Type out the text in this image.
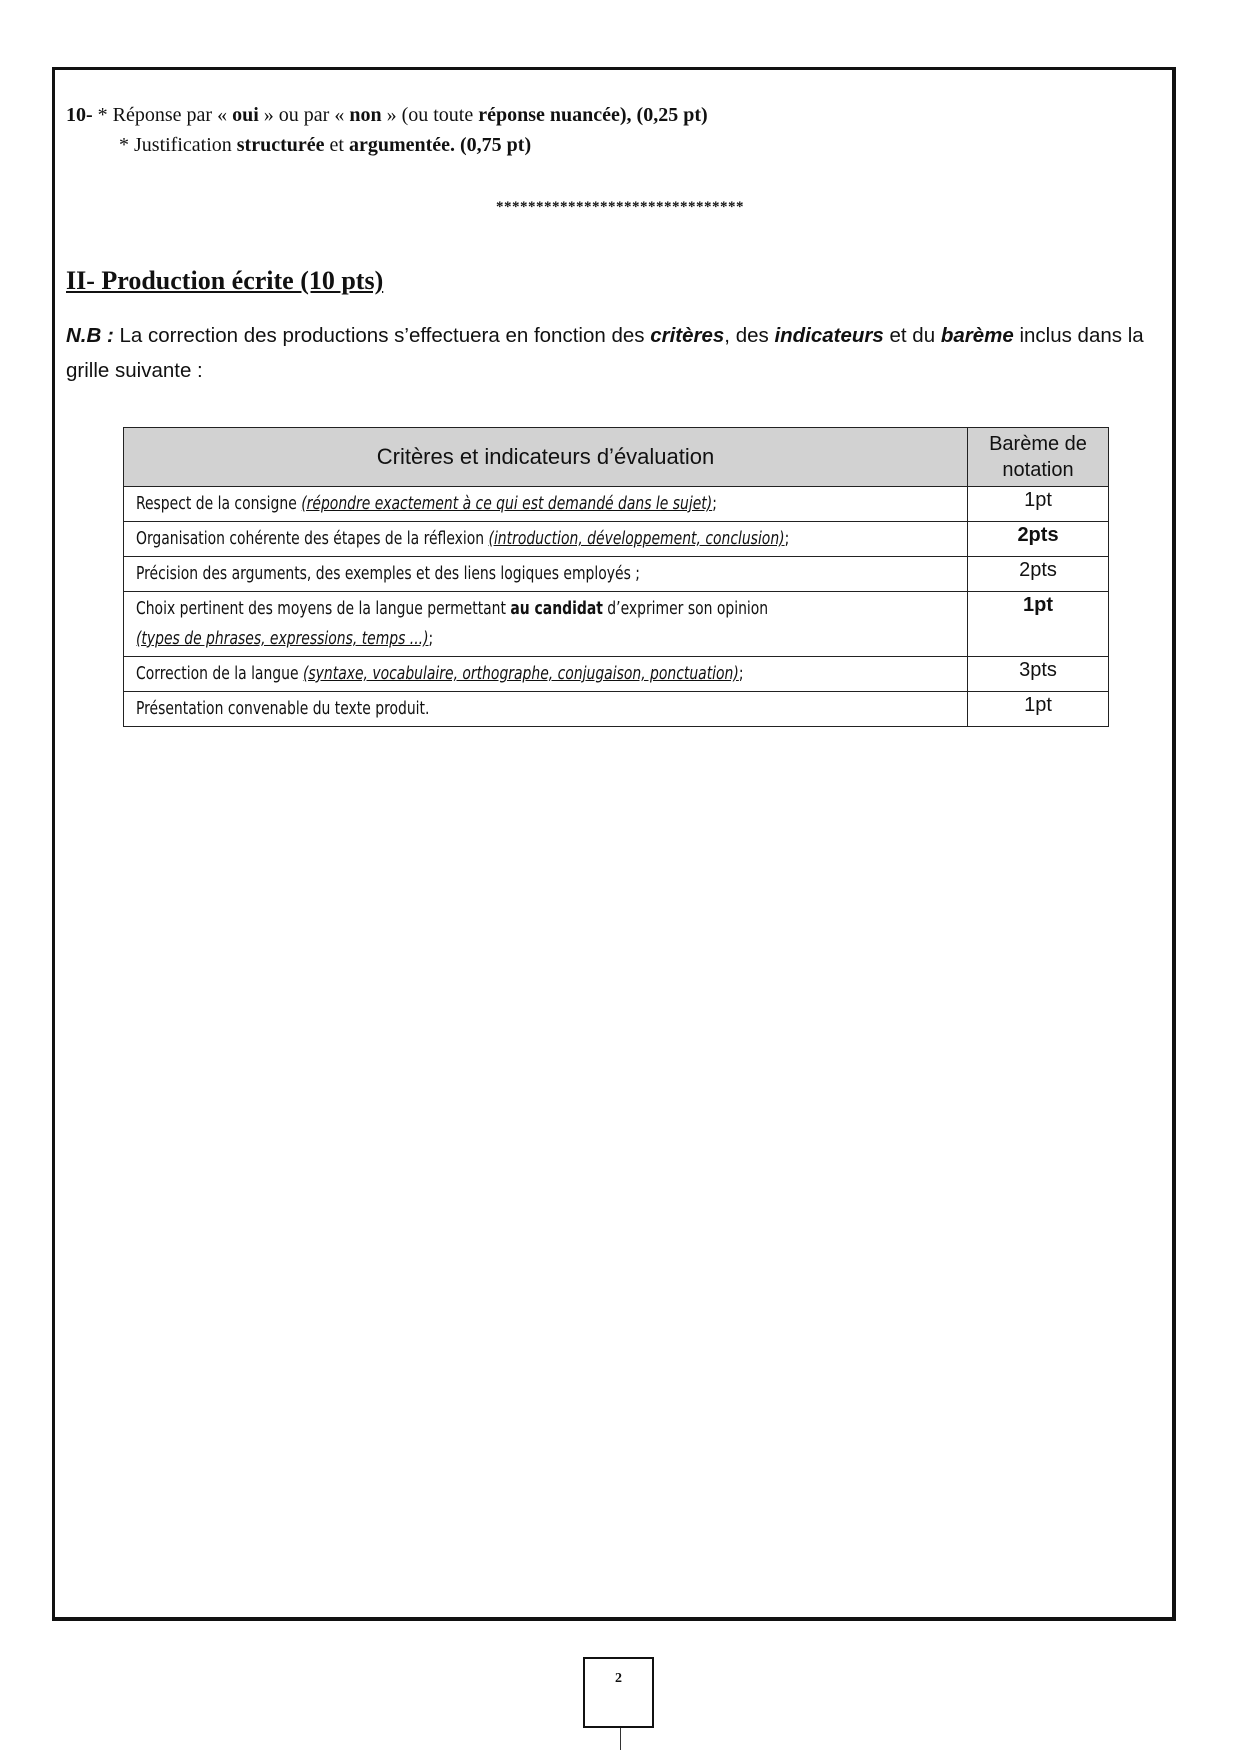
10- * Réponse par « oui » ou par « non » (ou toute réponse nuancée), (0,25 pt)
* Justification structurée et argumentée. (0,75 pt)
*******************************
II- Production écrite (10 pts)
N.B : La correction des productions s’effectuera en fonction des critères, des indicateurs et du barème inclus dans la grille suivante :
Critères et indicateurs d’évaluation	Barème de notation
Respect de la consigne (répondre exactement à ce qui est demandé dans le sujet);	1pt
Organisation cohérente des étapes de la réflexion (introduction, développement, conclusion);	2pts
Précision des arguments, des exemples et des liens logiques employés ;	2pts
Choix pertinent des moyens de la langue permettant au candidat d’exprimer son opinion
(types de phrases, expressions, temps ...);	1pt
Correction de la langue (syntaxe, vocabulaire, orthographe, conjugaison, ponctuation);	3pts
Présentation convenable du texte produit.	1pt
2
